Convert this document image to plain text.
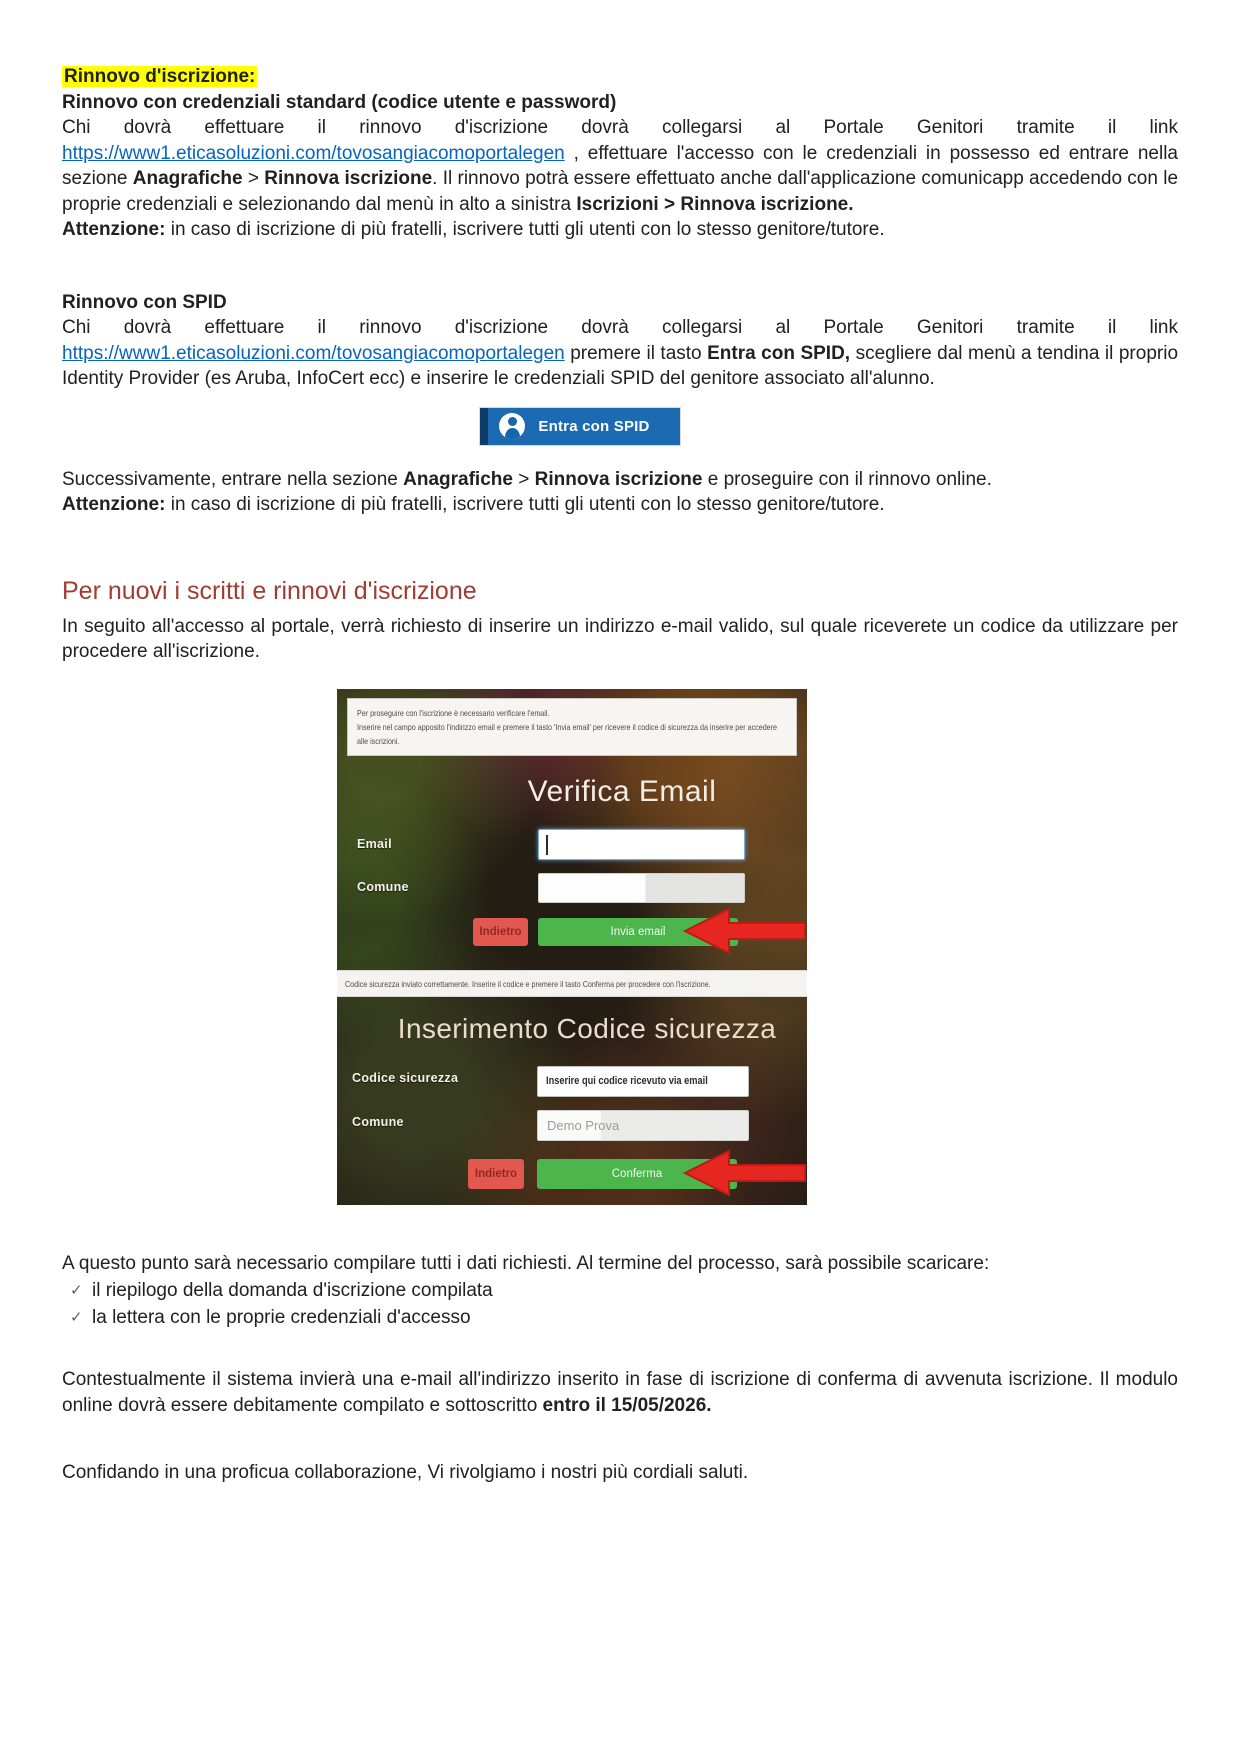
Rinnovo d'iscrizione:

Rinnovo con credenziali standard (codice utente e password)

Chi dovrà effettuare il rinnovo d'iscrizione dovrà collegarsi al Portale Genitori tramite il link https://www1.eticasoluzioni.com/tovosangiacomoportalegen , effettuare l'accesso con le credenziali in possesso ed entrare nella sezione Anagrafiche > Rinnova iscrizione. Il rinnovo potrà essere effettuato anche dall'applicazione comunicapp accedendo con le proprie credenziali e selezionando dal menù in alto a sinistra Iscrizioni > Rinnova iscrizione.

Attenzione: in caso di iscrizione di più fratelli, iscrivere tutti gli utenti con lo stesso genitore/tutore.

Rinnovo con SPID

Chi dovrà effettuare il rinnovo d'iscrizione dovrà collegarsi al Portale Genitori tramite il link https://www1.eticasoluzioni.com/tovosangiacomoportalegen premere il tasto Entra con SPID, scegliere dal menù a tendina il proprio Identity Provider (es Aruba, InfoCert ecc) e inserire le credenziali SPID del genitore associato all'alunno.

Entra con SPID

Successivamente, entrare nella sezione Anagrafiche > Rinnova iscrizione e proseguire con il rinnovo online.

Attenzione: in caso di iscrizione di più fratelli, iscrivere tutti gli utenti con lo stesso genitore/tutore.

Per nuovi i scritti e rinnovi d'iscrizione

In seguito all'accesso al portale, verrà richiesto di inserire un indirizzo e-mail valido, sul quale riceverete un codice da utilizzare per procedere all'iscrizione.

Per proseguire con l'iscrizione è necessario verificare l'email.
Inserire nel campo apposito l'indirizzo email e premere il tasto 'Invia email' per ricevere il codice di sicurezza da inserire per accedere alle iscrizioni.
Verifica Email
Email
Comune
Indietro	Invia email
Codice sicurezza inviato correttamente. Inserire il codice e premere il tasto Conferma per procedere con l'iscrizione.
Inserimento Codice sicurezza
Codice sicurezza	Inserire qui codice ricevuto via email
Comune	Demo Prova
Indietro	Conferma

A questo punto sarà necessario compilare tutti i dati richiesti. Al termine del processo, sarà possibile scaricare:

✓ il riepilogo della domanda d'iscrizione compilata
✓ la lettera con le proprie credenziali d'accesso

Contestualmente il sistema invierà una e-mail all'indirizzo inserito in fase di iscrizione di conferma di avvenuta iscrizione. Il modulo online dovrà essere debitamente compilato e sottoscritto entro il 15/05/2026.

Confidando in una proficua collaborazione, Vi rivolgiamo i nostri più cordiali saluti.
